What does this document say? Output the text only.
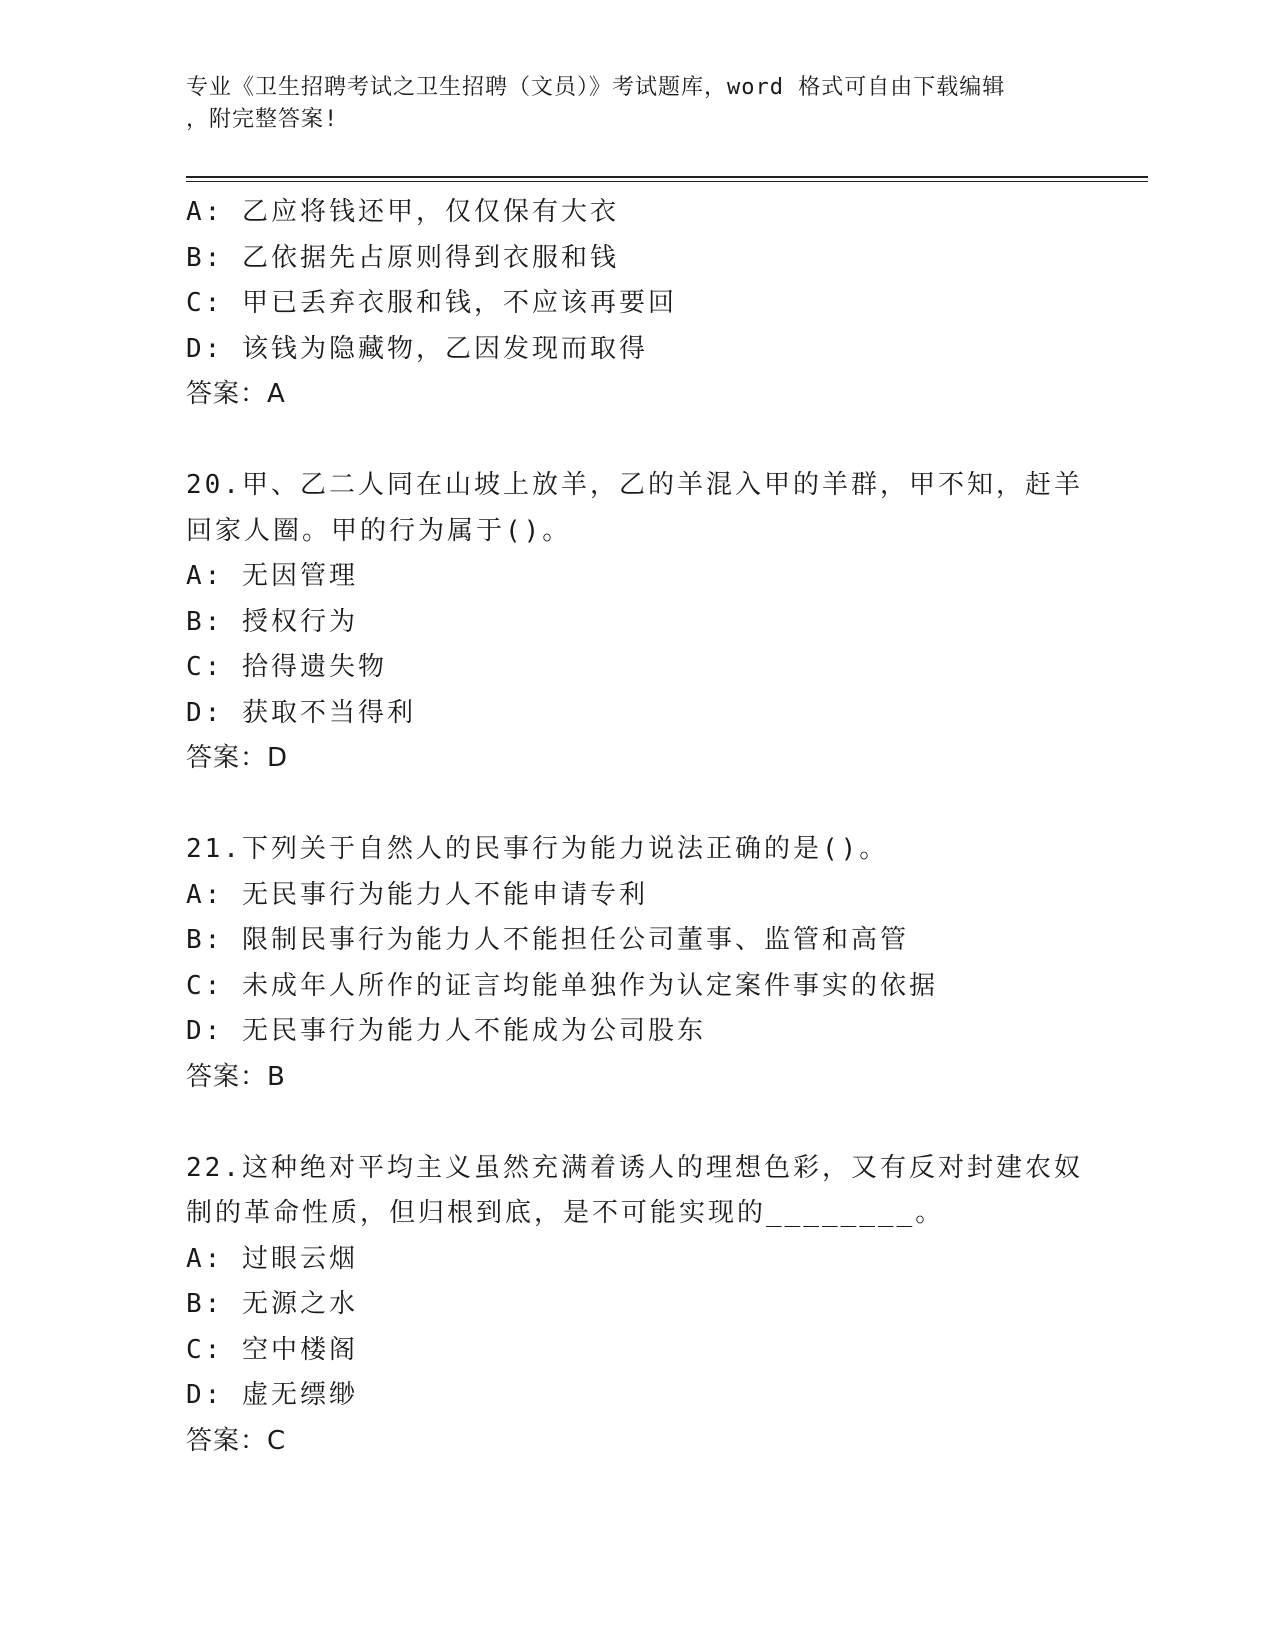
专业《卫生招聘考试之卫生招聘（文员）》考试题库，word 格式可自由下载编辑
，附完整答案!
A: 乙应将钱还甲，仅仅保有大衣
B: 乙依据先占原则得到衣服和钱
C: 甲已丢弃衣服和钱，不应该再要回
D: 该钱为隐藏物，乙因发现而取得
答案：A
20.甲、乙二人同在山坡上放羊，乙的羊混入甲的羊群，甲不知，赶羊
回家人圈。甲的行为属于()。
A: 无因管理
B: 授权行为
C: 拾得遗失物
D: 获取不当得利
答案：D
21.下列关于自然人的民事行为能力说法正确的是()。
A: 无民事行为能力人不能申请专利
B: 限制民事行为能力人不能担任公司董事、监管和高管
C: 未成年人所作的证言均能单独作为认定案件事实的依据
D: 无民事行为能力人不能成为公司股东
答案：B
22.这种绝对平均主义虽然充满着诱人的理想色彩，又有反对封建农奴
制的革命性质，但归根到底，是不可能实现的________。
A: 过眼云烟
B: 无源之水
C: 空中楼阁
D: 虚无缥缈
答案：C
